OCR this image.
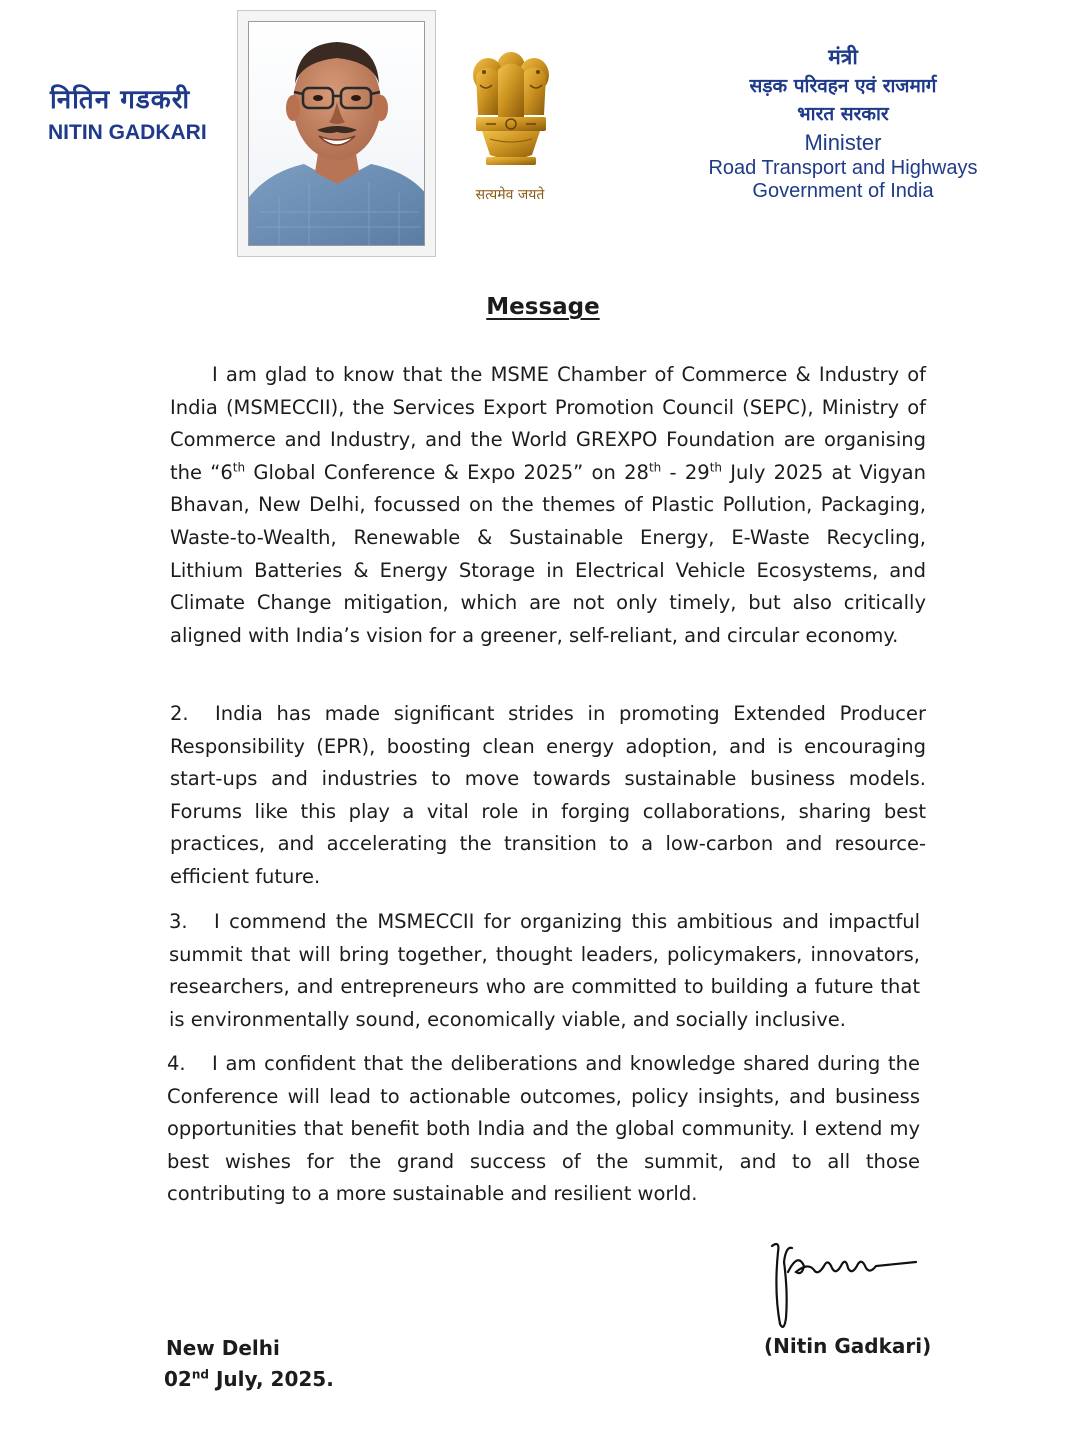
नितिन गडकरी
NITIN GADKARI
सत्यमेव जयते
मंत्री
सड़क परिवहन एवं राजमार्ग
भारत सरकार
Minister
Road Transport and Highways
Government of India
Message

I am glad to know that the MSME Chamber of Commerce & Industry of India (MSMECCII), the Services Export Promotion Council (SEPC), Ministry of Commerce and Industry, and the World GREXPO Foundation are organising the “6th Global Conference & Expo 2025” on 28th - 29th July 2025 at Vigyan Bhavan, New Delhi, focussed on the themes of Plastic Pollution, Packaging, Waste-to-Wealth, Renewable & Sustainable Energy, E-Waste Recycling, Lithium Batteries & Energy Storage in Electrical Vehicle Ecosystems, and Climate Change mitigation, which are not only timely, but also critically aligned with India’s vision for a greener, self-reliant, and circular economy.

2. India has made significant strides in promoting Extended Producer Responsibility (EPR), boosting clean energy adoption, and is encouraging start-ups and industries to move towards sustainable business models. Forums like this play a vital role in forging collaborations, sharing best practices, and accelerating the transition to a low-carbon and resource-efficient future.

3. I commend the MSMECCII for organizing this ambitious and impactful summit that will bring together, thought leaders, policymakers, innovators, researchers, and entrepreneurs who are committed to building a future that is environmentally sound, economically viable, and socially inclusive.

4. I am confident that the deliberations and knowledge shared during the Conference will lead to actionable outcomes, policy insights, and business opportunities that benefit both India and the global community. I extend my best wishes for the grand success of the summit, and to all those contributing to a more sustainable and resilient world.

(Nitin Gadkari)
New Delhi
02nd July, 2025.
